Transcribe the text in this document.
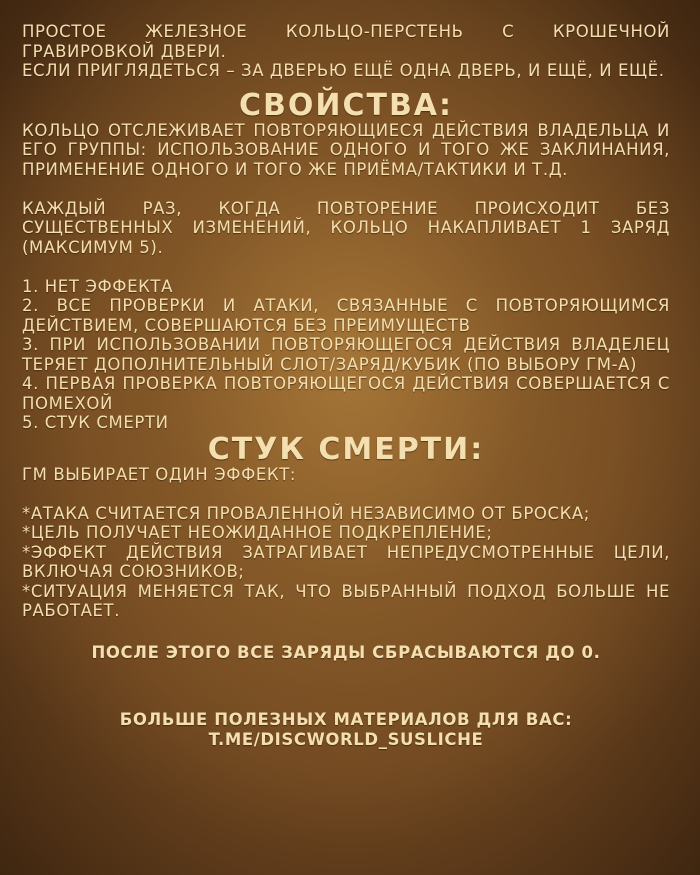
ПРОСТОЕ ЖЕЛЕЗНОЕ КОЛЬЦО-ПЕРСТЕНЬ С КРОШЕЧНОЙ ГРАВИРОВКОЙ ДВЕРИ.

ЕСЛИ ПРИГЛЯДЕТЬСЯ – ЗА ДВЕРЬЮ ЕЩЁ ОДНА ДВЕРЬ, И ЕЩЁ, И ЕЩЁ.

СВОЙСТВА:

КОЛЬЦО ОТСЛЕЖИВАЕТ ПОВТОРЯЮЩИЕСЯ ДЕЙСТВИЯ ВЛАДЕЛЬЦА И ЕГО ГРУППЫ: ИСПОЛЬЗОВАНИЕ ОДНОГО И ТОГО ЖЕ ЗАКЛИНАНИЯ, ПРИМЕНЕНИЕ ОДНОГО И ТОГО ЖЕ ПРИЁМА/ТАКТИКИ И Т.Д.

КАЖДЫЙ РАЗ, КОГДА ПОВТОРЕНИЕ ПРОИСХОДИТ БЕЗ СУЩЕСТВЕННЫХ ИЗМЕНЕНИЙ, КОЛЬЦО НАКАПЛИВАЕТ 1 ЗАРЯД (МАКСИМУМ 5).

1. НЕТ ЭФФЕКТА
2. ВСЕ ПРОВЕРКИ И АТАКИ, СВЯЗАННЫЕ С ПОВТОРЯЮЩИМСЯ ДЕЙСТВИЕМ, СОВЕРШАЮТСЯ БЕЗ ПРЕИМУЩЕСТВ
3. ПРИ ИСПОЛЬЗОВАНИИ ПОВТОРЯЮЩЕГОСЯ ДЕЙСТВИЯ ВЛАДЕЛЕЦ ТЕРЯЕТ ДОПОЛНИТЕЛЬНЫЙ СЛОТ/ЗАРЯД/КУБИК (ПО ВЫБОРУ ГМ-А)
4. ПЕРВАЯ ПРОВЕРКА ПОВТОРЯЮЩЕГОСЯ ДЕЙСТВИЯ СОВЕРШАЕТСЯ С ПОМЕХОЙ
5. СТУК СМЕРТИ
СТУК СМЕРТИ:

ГМ ВЫБИРАЕТ ОДИН ЭФФЕКТ:

*АТАКА СЧИТАЕТСЯ ПРОВАЛЕННОЙ НЕЗАВИСИМО ОТ БРОСКА;
*ЦЕЛЬ ПОЛУЧАЕТ НЕОЖИДАННОЕ ПОДКРЕПЛЕНИЕ;
*ЭФФЕКТ ДЕЙСТВИЯ ЗАТРАГИВАЕТ НЕПРЕДУСМОТРЕННЫЕ ЦЕЛИ, ВКЛЮЧАЯ СОЮЗНИКОВ;
*СИТУАЦИЯ МЕНЯЕТСЯ ТАК, ЧТО ВЫБРАННЫЙ ПОДХОД БОЛЬШЕ НЕ РАБОТАЕТ.

ПОСЛЕ ЭТОГО ВСЕ ЗАРЯДЫ СБРАСЫВАЮТСЯ ДО 0.

БОЛЬШЕ ПОЛЕЗНЫХ МАТЕРИАЛОВ ДЛЯ ВАС:

T.ME/DISCWORLD_SUSLICHE
